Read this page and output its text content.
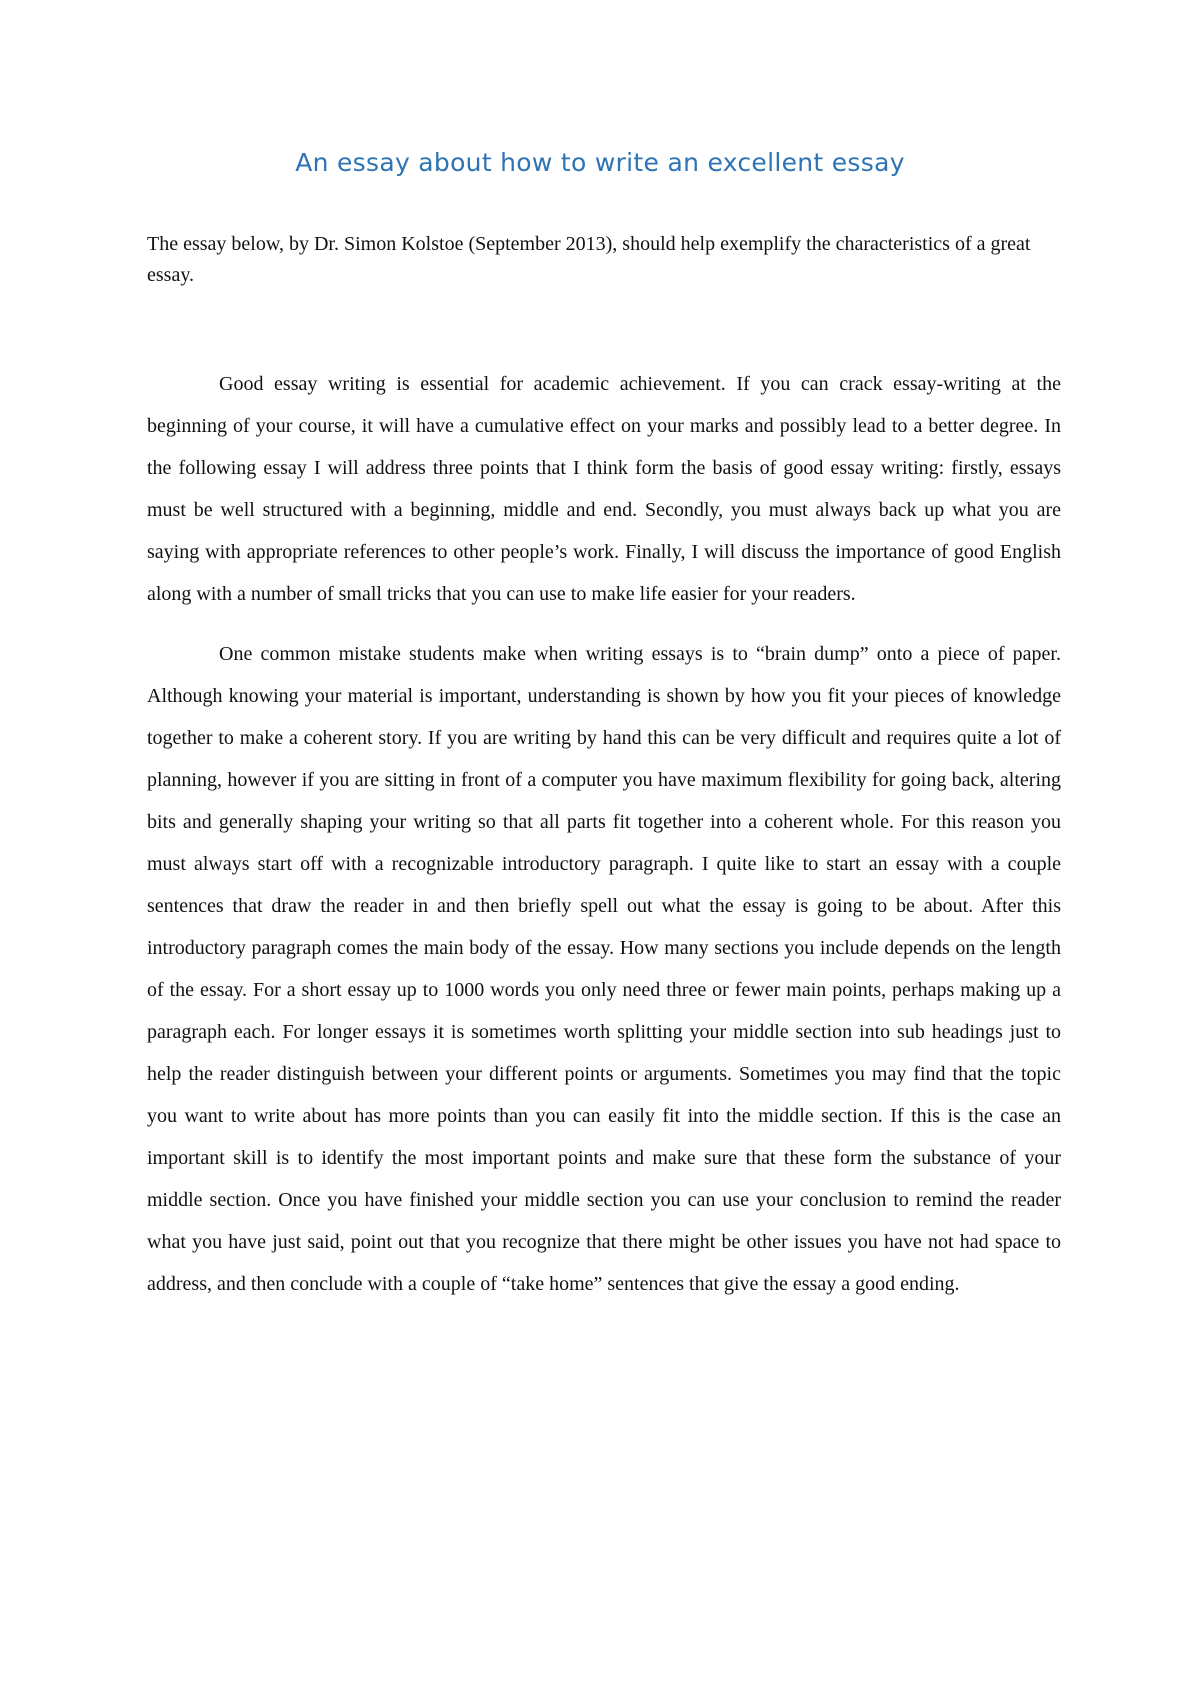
An essay about how to write an excellent essay

The essay below, by Dr. Simon Kolstoe (September 2013), should help exemplify the characteristics of a great essay.

Good essay writing is essential for academic achievement. If you can crack essay-writing at the beginning of your course, it will have a cumulative effect on your marks and possibly lead to a better degree. In the following essay I will address three points that I think form the basis of good essay writing: firstly, essays must be well structured with a beginning, middle and end. Secondly, you must always back up what you are saying with appropriate references to other people’s work. Finally, I will discuss the importance of good English along with a number of small tricks that you can use to make life easier for your readers.

One common mistake students make when writing essays is to “brain dump” onto a piece of paper. Although knowing your material is important, understanding is shown by how you fit your pieces of knowledge together to make a coherent story. If you are writing by hand this can be very difficult and requires quite a lot of planning, however if you are sitting in front of a computer you have maximum flexibility for going back, altering bits and generally shaping your writing so that all parts fit together into a coherent whole. For this reason you must always start off with a recognizable introductory paragraph. I quite like to start an essay with a couple sentences that draw the reader in and then briefly spell out what the essay is going to be about. After this introductory paragraph comes the main body of the essay. How many sections you include depends on the length of the essay. For a short essay up to 1000 words you only need three or fewer main points, perhaps making up a paragraph each. For longer essays it is sometimes worth splitting your middle section into sub headings just to help the reader distinguish between your different points or arguments. Sometimes you may find that the topic you want to write about has more points than you can easily fit into the middle section. If this is the case an important skill is to identify the most important points and make sure that these form the substance of your middle section. Once you have finished your middle section you can use your conclusion to remind the reader what you have just said, point out that you recognize that there might be other issues you have not had space to address, and then conclude with a couple of “take home” sentences that give the essay a good ending.
